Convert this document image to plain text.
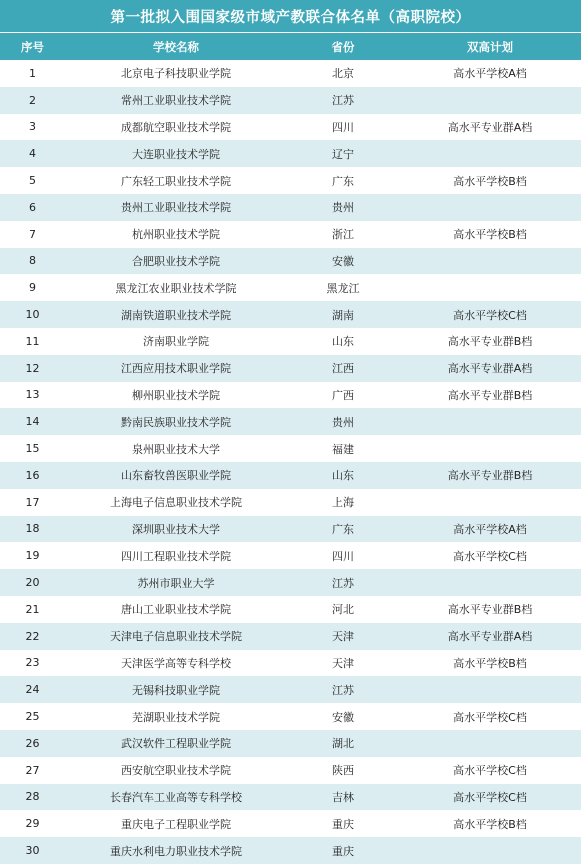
第一批拟入围国家级市域产教联合体名单（高职院校）
序号	学校名称	省份	双高计划
1	北京电子科技职业学院	北京	高水平学校A档
2	常州工业职业技术学院	江苏
3	成都航空职业技术学院	四川	高水平专业群A档
4	大连职业技术学院	辽宁
5	广东轻工职业技术学院	广东	高水平学校B档
6	贵州工业职业技术学院	贵州
7	杭州职业技术学院	浙江	高水平学校B档
8	合肥职业技术学院	安徽
9	黑龙江农业职业技术学院	黑龙江
10	湖南铁道职业技术学院	湖南	高水平学校C档
11	济南职业学院	山东	高水平专业群B档
12	江西应用技术职业学院	江西	高水平专业群A档
13	柳州职业技术学院	广西	高水平专业群B档
14	黔南民族职业技术学院	贵州
15	泉州职业技术大学	福建
16	山东畜牧兽医职业学院	山东	高水平专业群B档
17	上海电子信息职业技术学院	上海
18	深圳职业技术大学	广东	高水平学校A档
19	四川工程职业技术学院	四川	高水平学校C档
20	苏州市职业大学	江苏
21	唐山工业职业技术学院	河北	高水平专业群B档
22	天津电子信息职业技术学院	天津	高水平专业群A档
23	天津医学高等专科学校	天津	高水平学校B档
24	无锡科技职业学院	江苏
25	芜湖职业技术学院	安徽	高水平学校C档
26	武汉软件工程职业学院	湖北
27	西安航空职业技术学院	陕西	高水平学校C档
28	长春汽车工业高等专科学校	吉林	高水平学校C档
29	重庆电子工程职业学院	重庆	高水平学校B档
30	重庆水利电力职业技术学院	重庆
